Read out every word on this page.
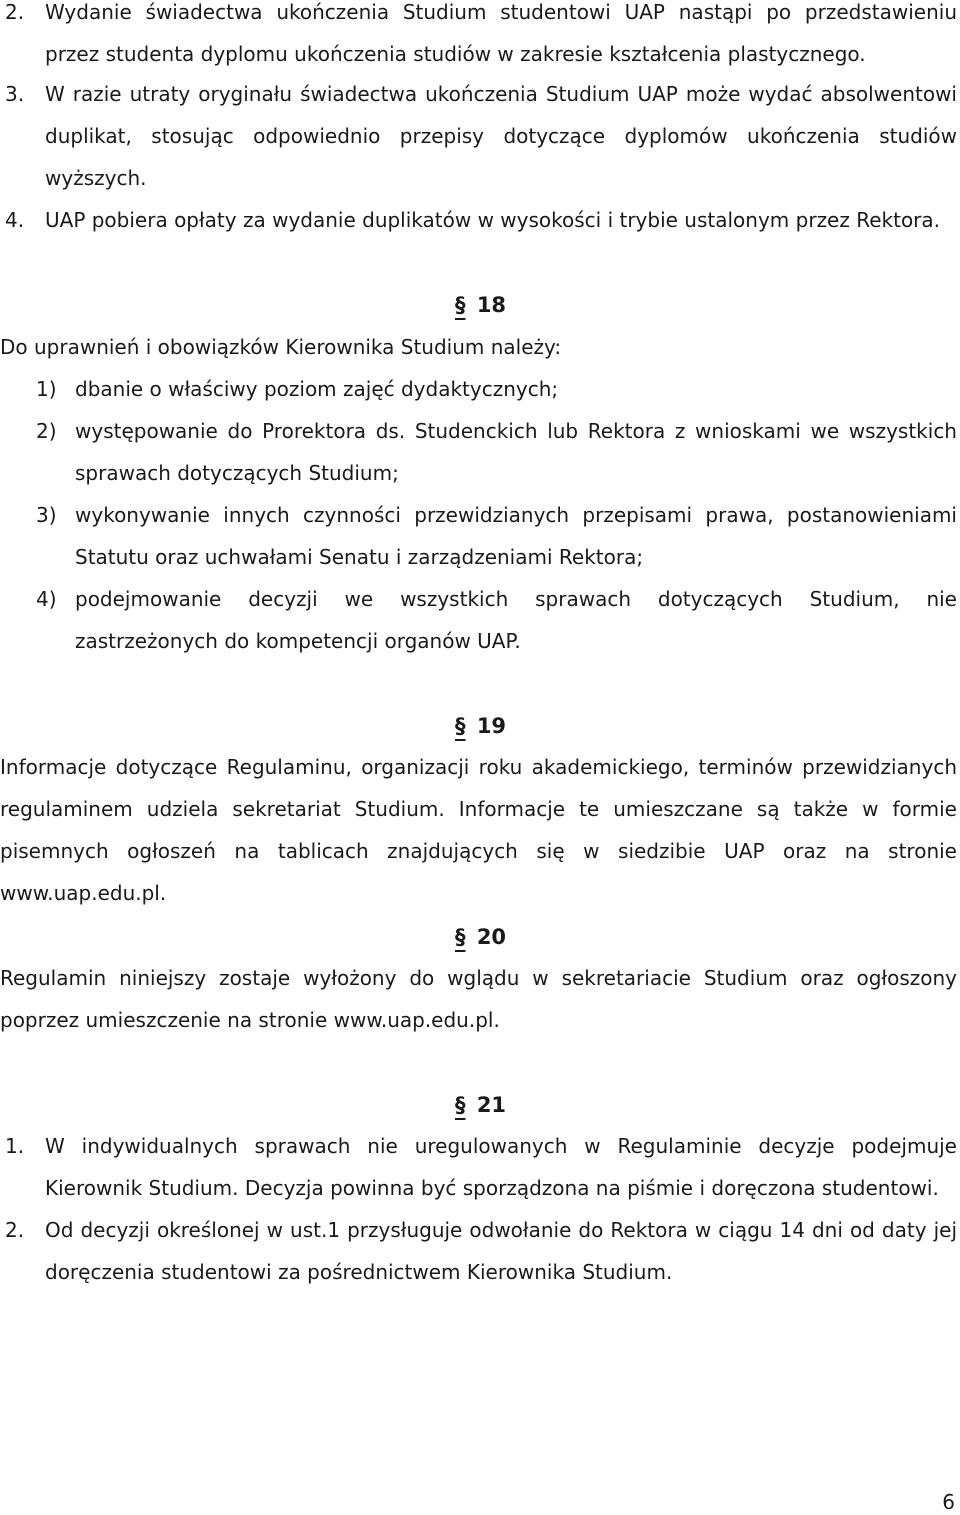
2. Wydanie świadectwa ukończenia Studium studentowi UAP nastąpi po przedstawieniu przez studenta dyplomu ukończenia studiów w zakresie kształcenia plastycznego.

3. W razie utraty oryginału świadectwa ukończenia Studium UAP może wydać absolwentowi duplikat, stosując odpowiednio przepisy dotyczące dyplomów ukończenia studiów wyższych.

4. UAP pobiera opłaty za wydanie duplikatów w wysokości i trybie ustalonym przez Rektora.

§ 18

Do uprawnień i obowiązków Kierownika Studium należy:

1) dbanie o właściwy poziom zajęć dydaktycznych;

2) występowanie do Prorektora ds. Studenckich lub Rektora z wnioskami we wszystkich sprawach dotyczących Studium;

3) wykonywanie innych czynności przewidzianych przepisami prawa, postanowieniami Statutu oraz uchwałami Senatu i zarządzeniami Rektora;

4) podejmowanie decyzji we wszystkich sprawach dotyczących Studium, nie zastrzeżonych do kompetencji organów UAP.

§ 19

Informacje dotyczące Regulaminu, organizacji roku akademickiego, terminów przewidzianych regulaminem udziela sekretariat Studium. Informacje te umieszczane są także w formie pisemnych ogłoszeń na tablicach znajdujących się w siedzibie UAP oraz na stronie www.uap.edu.pl.

§ 20

Regulamin niniejszy zostaje wyłożony do wglądu w sekretariacie Studium oraz ogłoszony poprzez umieszczenie na stronie www.uap.edu.pl.

§ 21
1. W indywidualnych sprawach nie uregulowanych w Regulaminie decyzje podejmuje Kierownik Studium. Decyzja powinna być sporządzona na piśmie i doręczona studentowi.

2. Od decyzji określonej w ust.1 przysługuje odwołanie do Rektora w ciągu 14 dni od daty jej doręczenia studentowi za pośrednictwem Kierownika Studium.

6
